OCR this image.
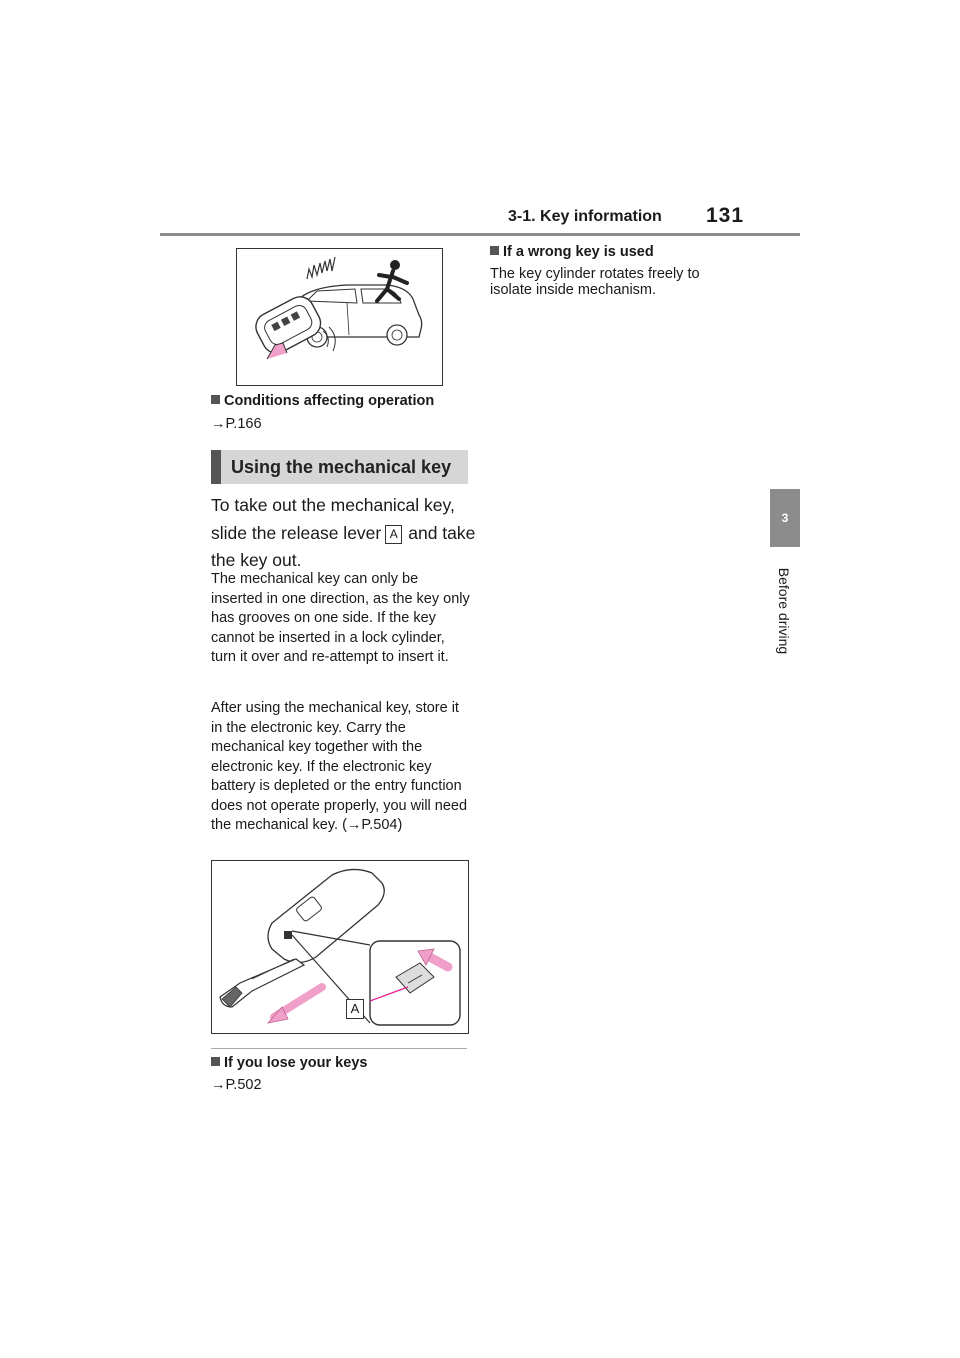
3-1. Key information 131
3
Before driving
Conditions affecting operation
→P.166
Using the mechanical key

To take out the mechanical key, slide the release lever A and take the key out.

The mechanical key can only be inserted in one direction, as the key only has grooves on one side. If the key cannot be inserted in a lock cylinder, turn it over and re-attempt to insert it.
After using the mechanical key, store it in the electronic key. Carry the mechanical key together with the electronic key. If the electronic key battery is depleted or the entry function does not operate properly, you will need the mechanical key. (→P.504)
A
If you lose your keys
→P.502
If a wrong key is used
The key cylinder rotates freely to isolate inside mechanism.
